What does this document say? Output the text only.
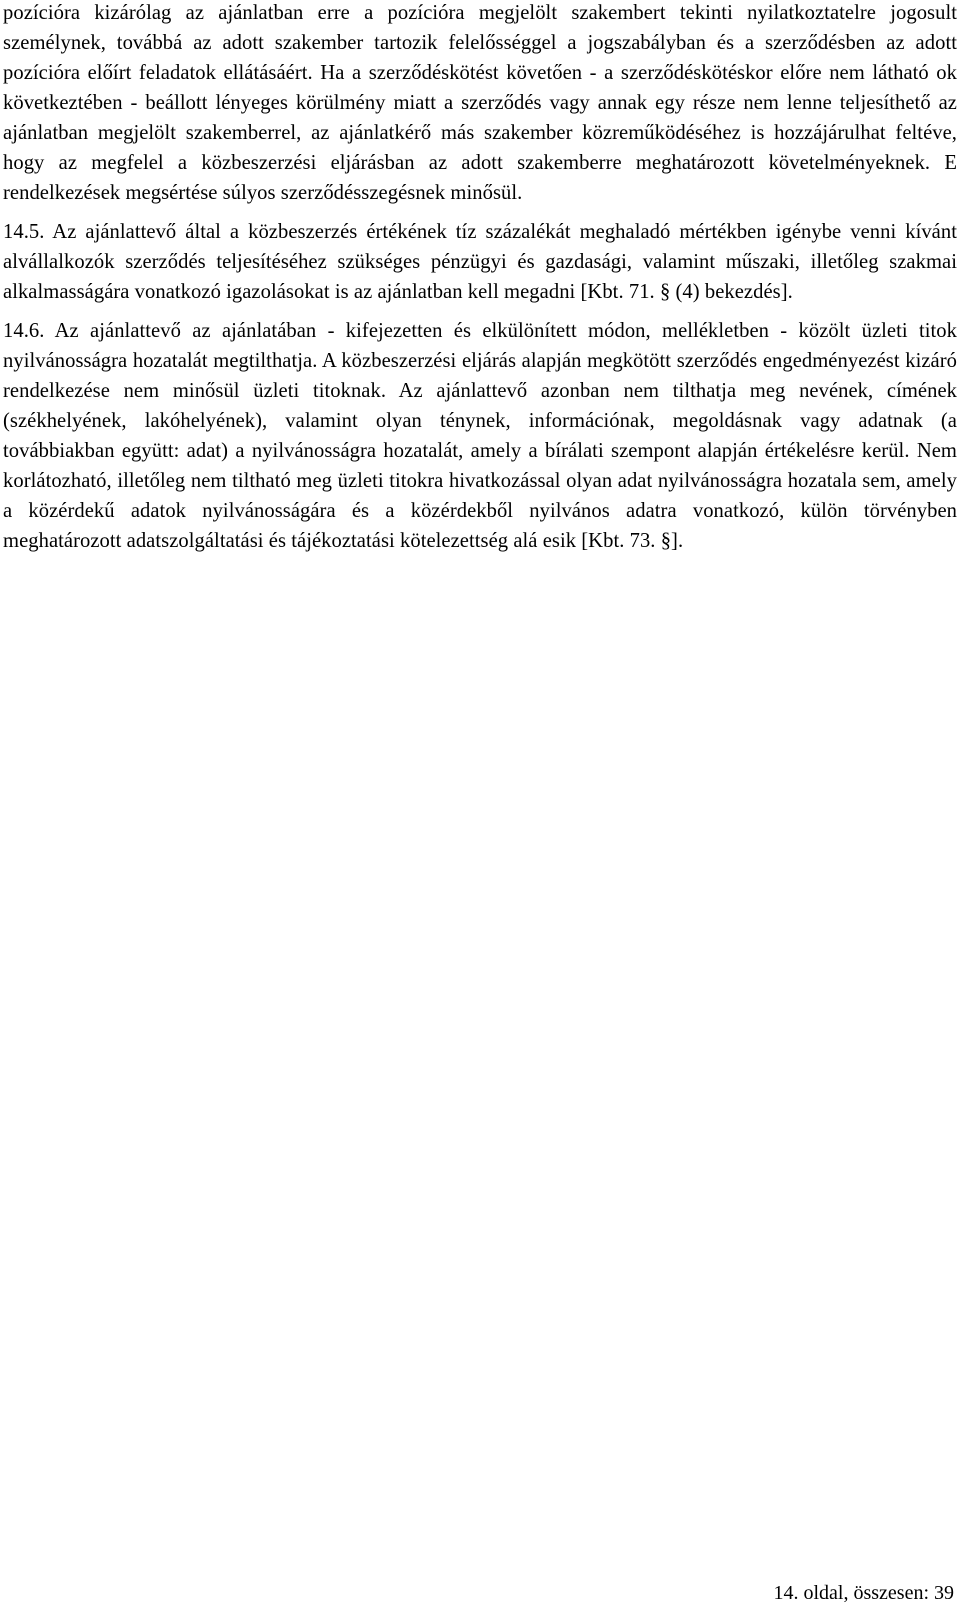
pozícióra kizárólag az ajánlatban erre a pozícióra megjelölt szakembert tekinti nyilatkoztatelre jogosult személynek, továbbá az adott szakember tartozik felelősséggel a jogszabályban és a szerződésben az adott pozícióra előírt feladatok ellátásáért. Ha a szerződéskötést követően - a szerződéskötéskor előre nem látható ok következtében - beállott lényeges körülmény miatt a szerződés vagy annak egy része nem lenne teljesíthető az ajánlatban megjelölt szakemberrel, az ajánlatkérő más szakember közreműködéséhez is hozzájárulhat feltéve, hogy az megfelel a közbeszerzési eljárásban az adott szakemberre meghatározott követelményeknek. E rendelkezések megsértése súlyos szerződésszegésnek minősül.

14.5. Az ajánlattevő által a közbeszerzés értékének tíz százalékát meghaladó mértékben igénybe venni kívánt alvállalkozók szerződés teljesítéséhez szükséges pénzügyi és gazdasági, valamint műszaki, illetőleg szakmai alkalmasságára vonatkozó igazolásokat is az ajánlatban kell megadni [Kbt. 71. § (4) bekezdés].

14.6. Az ajánlattevő az ajánlatában - kifejezetten és elkülönített módon, mellékletben - közölt üzleti titok nyilvánosságra hozatalát megtilthatja. A közbeszerzési eljárás alapján megkötött szerződés engedményezést kizáró rendelkezése nem minősül üzleti titoknak. Az ajánlattevő azonban nem tilthatja meg nevének, címének (székhelyének, lakóhelyének), valamint olyan ténynek, információnak, megoldásnak vagy adatnak (a továbbiakban együtt: adat) a nyilvánosságra hozatalát, amely a bírálati szempont alapján értékelésre kerül. Nem korlátozható, illetőleg nem tiltható meg üzleti titokra hivatkozással olyan adat nyilvánosságra hozatala sem, amely a közérdekű adatok nyilvánosságára és a közérdekből nyilvános adatra vonatkozó, külön törvényben meghatározott adatszolgáltatási és tájékoztatási kötelezettség alá esik [Kbt. 73. §].

14. oldal, összesen: 39
